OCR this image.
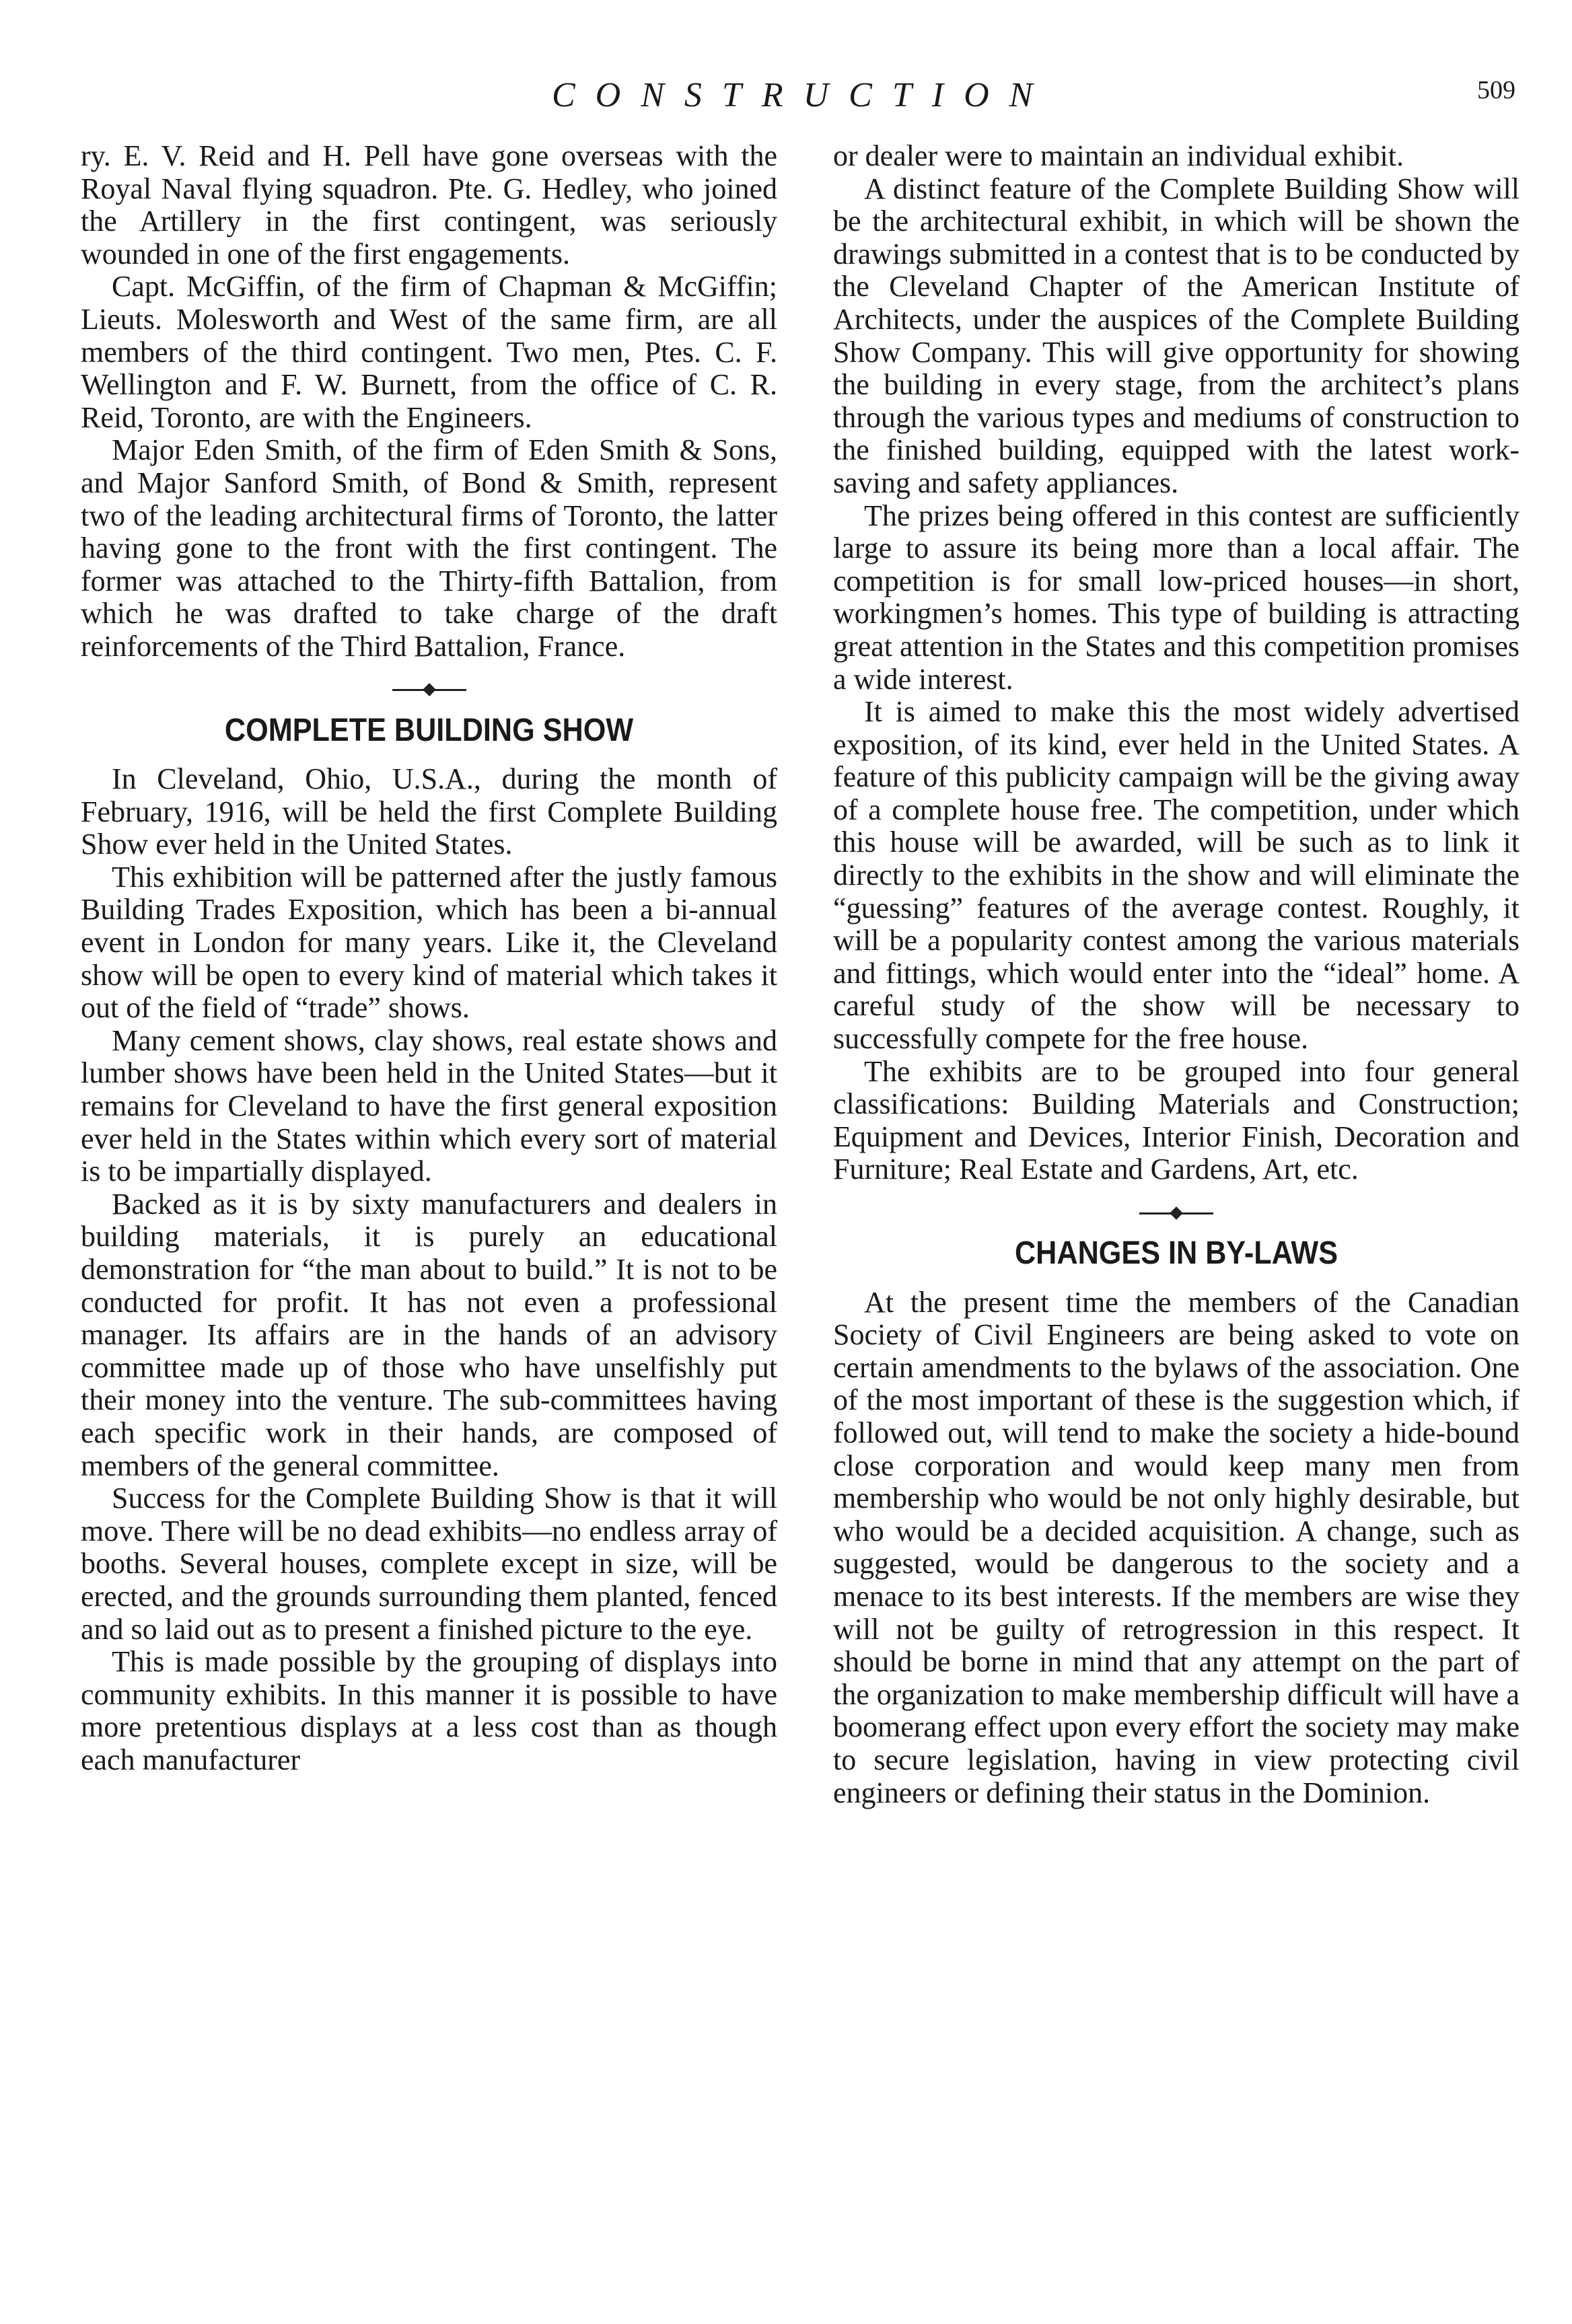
CONSTRUCTION	509

ry. E. V. Reid and H. Pell have gone overseas with the Royal Naval flying squadron. Pte. G. Hedley, who joined the Artillery in the first contingent, was seriously wounded in one of the first engagements.

Capt. McGiffin, of the firm of Chapman & McGiffin; Lieuts. Molesworth and West of the same firm, are all members of the third contingent. Two men, Ptes. C. F. Wellington and F. W. Burnett, from the office of C. R. Reid, Toronto, are with the Engineers.

Major Eden Smith, of the firm of Eden Smith & Sons, and Major Sanford Smith, of Bond & Smith, represent two of the leading architectural firms of Toronto, the latter having gone to the front with the first contingent. The former was attached to the Thirty-fifth Battalion, from which he was drafted to take charge of the draft reinforcements of the Third Battalion, France.

COMPLETE BUILDING SHOW

In Cleveland, Ohio, U.S.A., during the month of February, 1916, will be held the first Complete Building Show ever held in the United States.

This exhibition will be patterned after the justly famous Building Trades Exposition, which has been a bi-annual event in London for many years. Like it, the Cleveland show will be open to every kind of material which takes it out of the field of “trade” shows.

Many cement shows, clay shows, real estate shows and lumber shows have been held in the United States—but it remains for Cleveland to have the first general exposition ever held in the States within which every sort of material is to be impartially displayed.

Backed as it is by sixty manufacturers and dealers in building materials, it is purely an educational demonstration for “the man about to build.” It is not to be conducted for profit. It has not even a professional manager. Its affairs are in the hands of an advisory committee made up of those who have unselfishly put their money into the venture. The sub-committees having each specific work in their hands, are composed of members of the general committee.

Success for the Complete Building Show is that it will move. There will be no dead exhibits—no endless array of booths. Several houses, complete except in size, will be erected, and the grounds surrounding them planted, fenced and so laid out as to present a finished picture to the eye.

This is made possible by the grouping of displays into community exhibits. In this manner it is possible to have more pretentious displays at a less cost than as though each manufacturer

or dealer were to maintain an individual exhibit.

A distinct feature of the Complete Building Show will be the architectural exhibit, in which will be shown the drawings submitted in a contest that is to be conducted by the Cleveland Chapter of the American Institute of Architects, under the auspices of the Complete Building Show Company. This will give opportunity for showing the building in every stage, from the architect’s plans through the various types and mediums of construction to the finished building, equipped with the latest work-saving and safety appliances.

The prizes being offered in this contest are sufficiently large to assure its being more than a local affair. The competition is for small low-priced houses—in short, workingmen’s homes. This type of building is attracting great attention in the States and this competition promises a wide interest.

It is aimed to make this the most widely advertised exposition, of its kind, ever held in the United States. A feature of this publicity campaign will be the giving away of a complete house free. The competition, under which this house will be awarded, will be such as to link it directly to the exhibits in the show and will eliminate the “guessing” features of the average contest. Roughly, it will be a popularity contest among the various materials and fittings, which would enter into the “ideal” home. A careful study of the show will be necessary to successfully compete for the free house.

The exhibits are to be grouped into four general classifications: Building Materials and Construction; Equipment and Devices, Interior Finish, Decoration and Furniture; Real Estate and Gardens, Art, etc.

CHANGES IN BY-LAWS

At the present time the members of the Canadian Society of Civil Engineers are being asked to vote on certain amendments to the bylaws of the association. One of the most important of these is the suggestion which, if followed out, will tend to make the society a hide-bound close corporation and would keep many men from membership who would be not only highly desirable, but who would be a decided acquisition. A change, such as suggested, would be dangerous to the society and a menace to its best interests. If the members are wise they will not be guilty of retrogression in this respect. It should be borne in mind that any attempt on the part of the organization to make membership difficult will have a boomerang effect upon every effort the society may make to secure legislation, having in view protecting civil engineers or defining their status in the Dominion.
